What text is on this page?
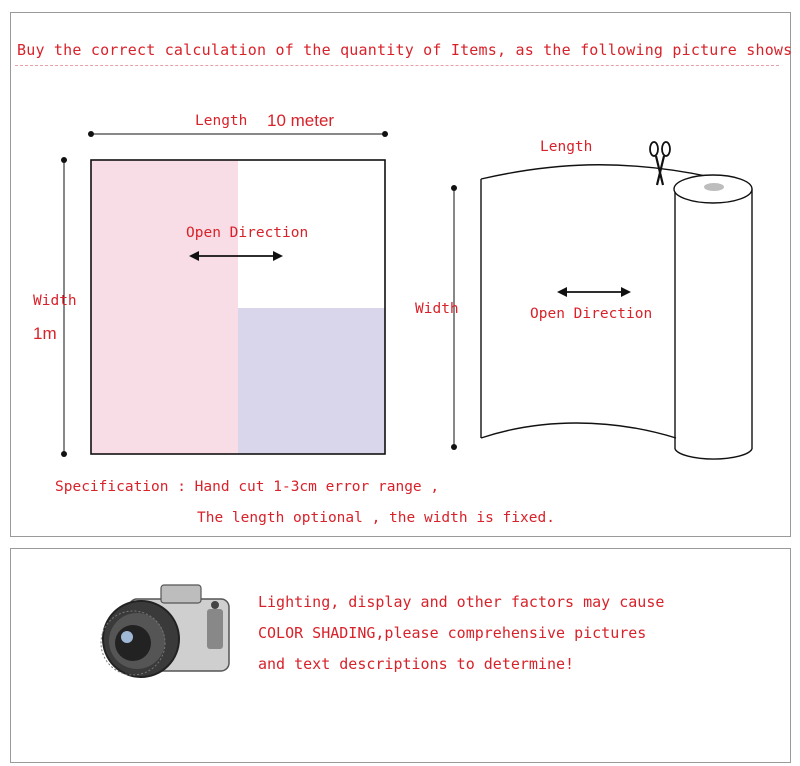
Buy the correct calculation of the quantity of Items, as the following picture shows
Length 10 meter
Width
1m
Open Direction
Length
Width	Open Direction
Specification : Hand cut 1-3cm error range ,
The length optional , the width is fixed.
Lighting, display and other factors may cause
COLOR SHADING,please comprehensive pictures
and text descriptions to determine!
